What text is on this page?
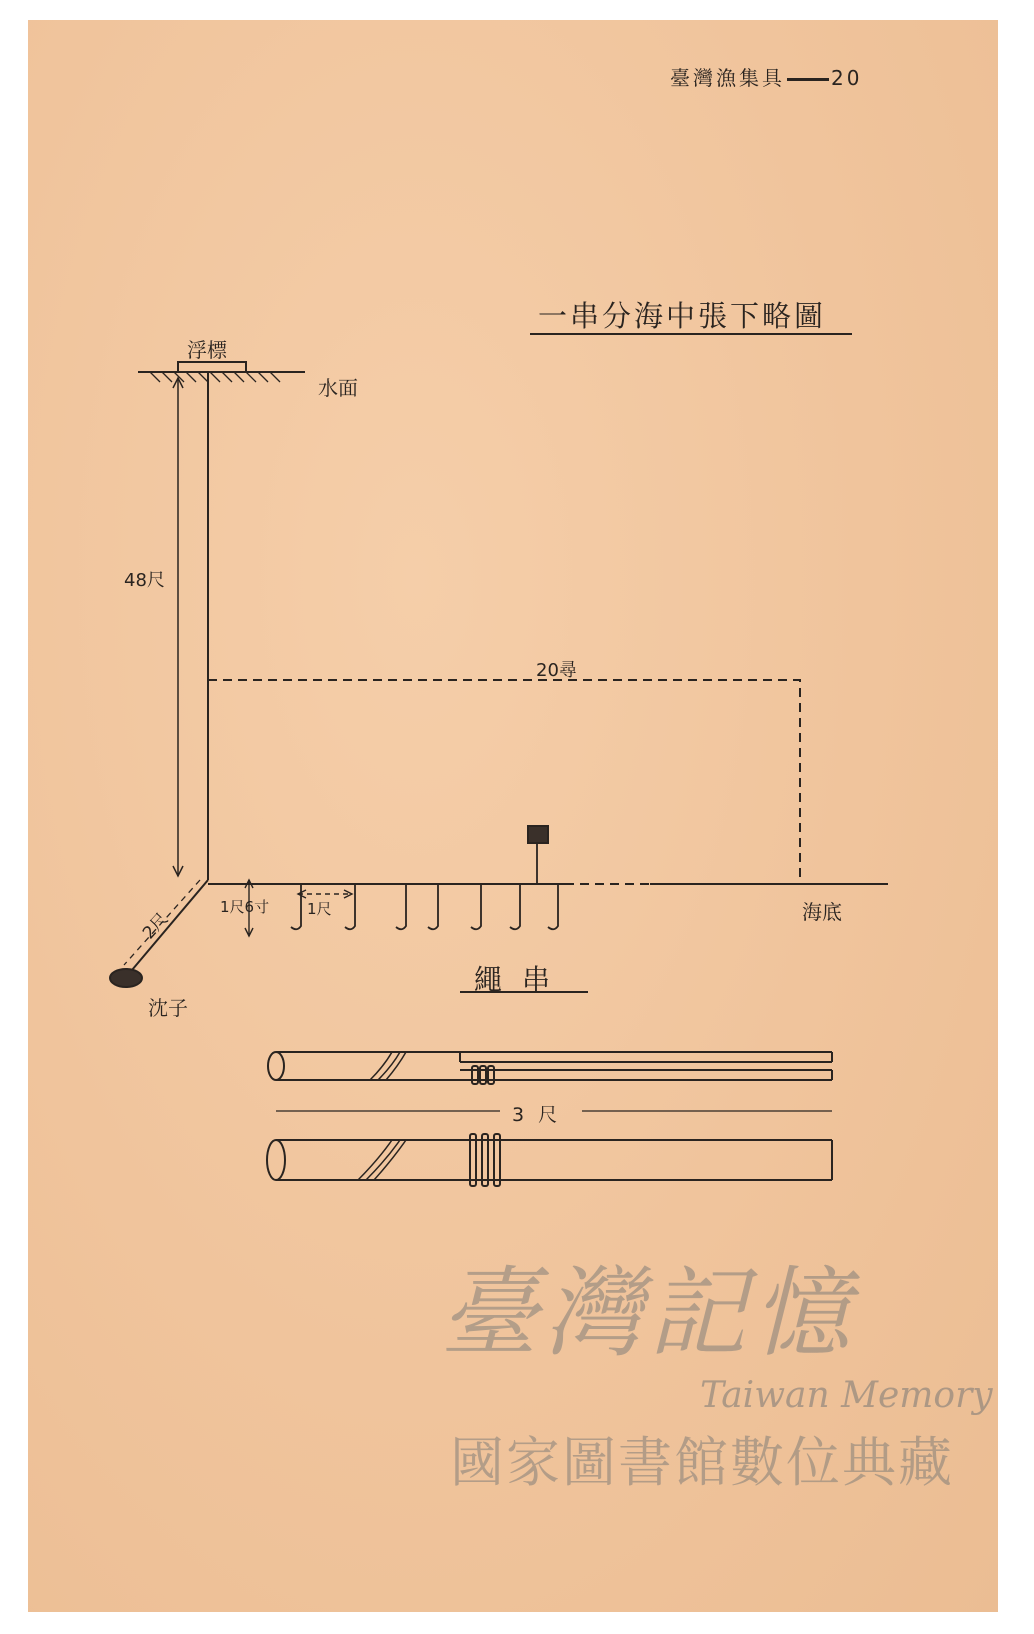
臺灣漁集具 20
一串分海中張下略圖
浮標
水面
48尺
20尋
1尺6寸	1尺
2尺	海底
沈子
繩串
3 尺
臺灣記憶
Taiwan Memory
國家圖書館數位典藏
